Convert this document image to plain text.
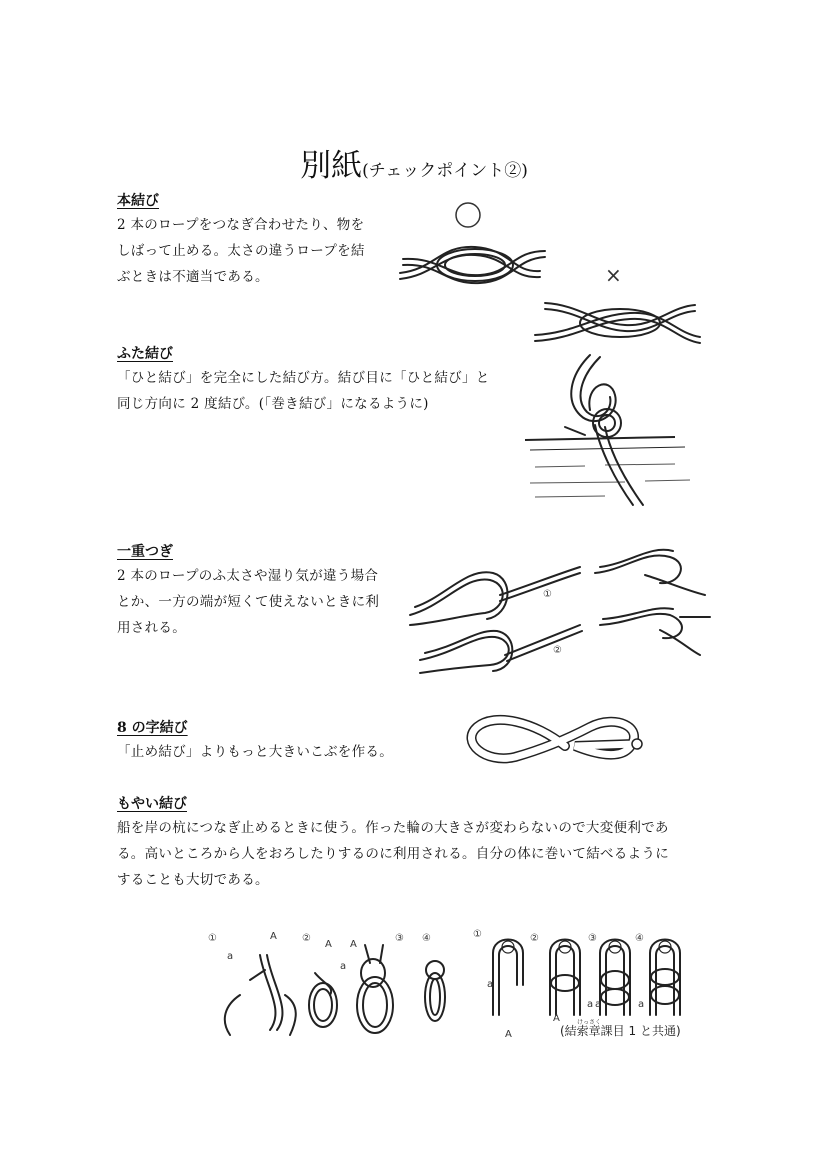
別紙(チェックポイント②)
本結び
2 本のロープをつなぎ合わせたり、物を
しばって止める。太さの違うロープを結
ぶときは不適当である。	×
ふた結び
「ひと結び」を完全にした結び方。結び目に「ひと結び」と
同じ方向に 2 度結び。(「巻き結び」になるように)
一重つぎ
2 本のロープのふ太さや湿り気が違う場合
とか、一方の端が短くて使えないときに利
用される。
①
②
8 の字結び
「止め結び」よりもっと大きいこぶを作る。
もやい結び
船を岸の杭につなぎ止めるときに使う。作った輪の大きさが変わらないので大変便利であ
る。高いところから人をおろしたりするのに利用される。自分の体に巻いて結べるように
することも大切である。
①	②	③ ④
A
a
A A
a
①	②	③	④
a
A
A
a a	a
けっさく
(結索章課目 1 と共通)
